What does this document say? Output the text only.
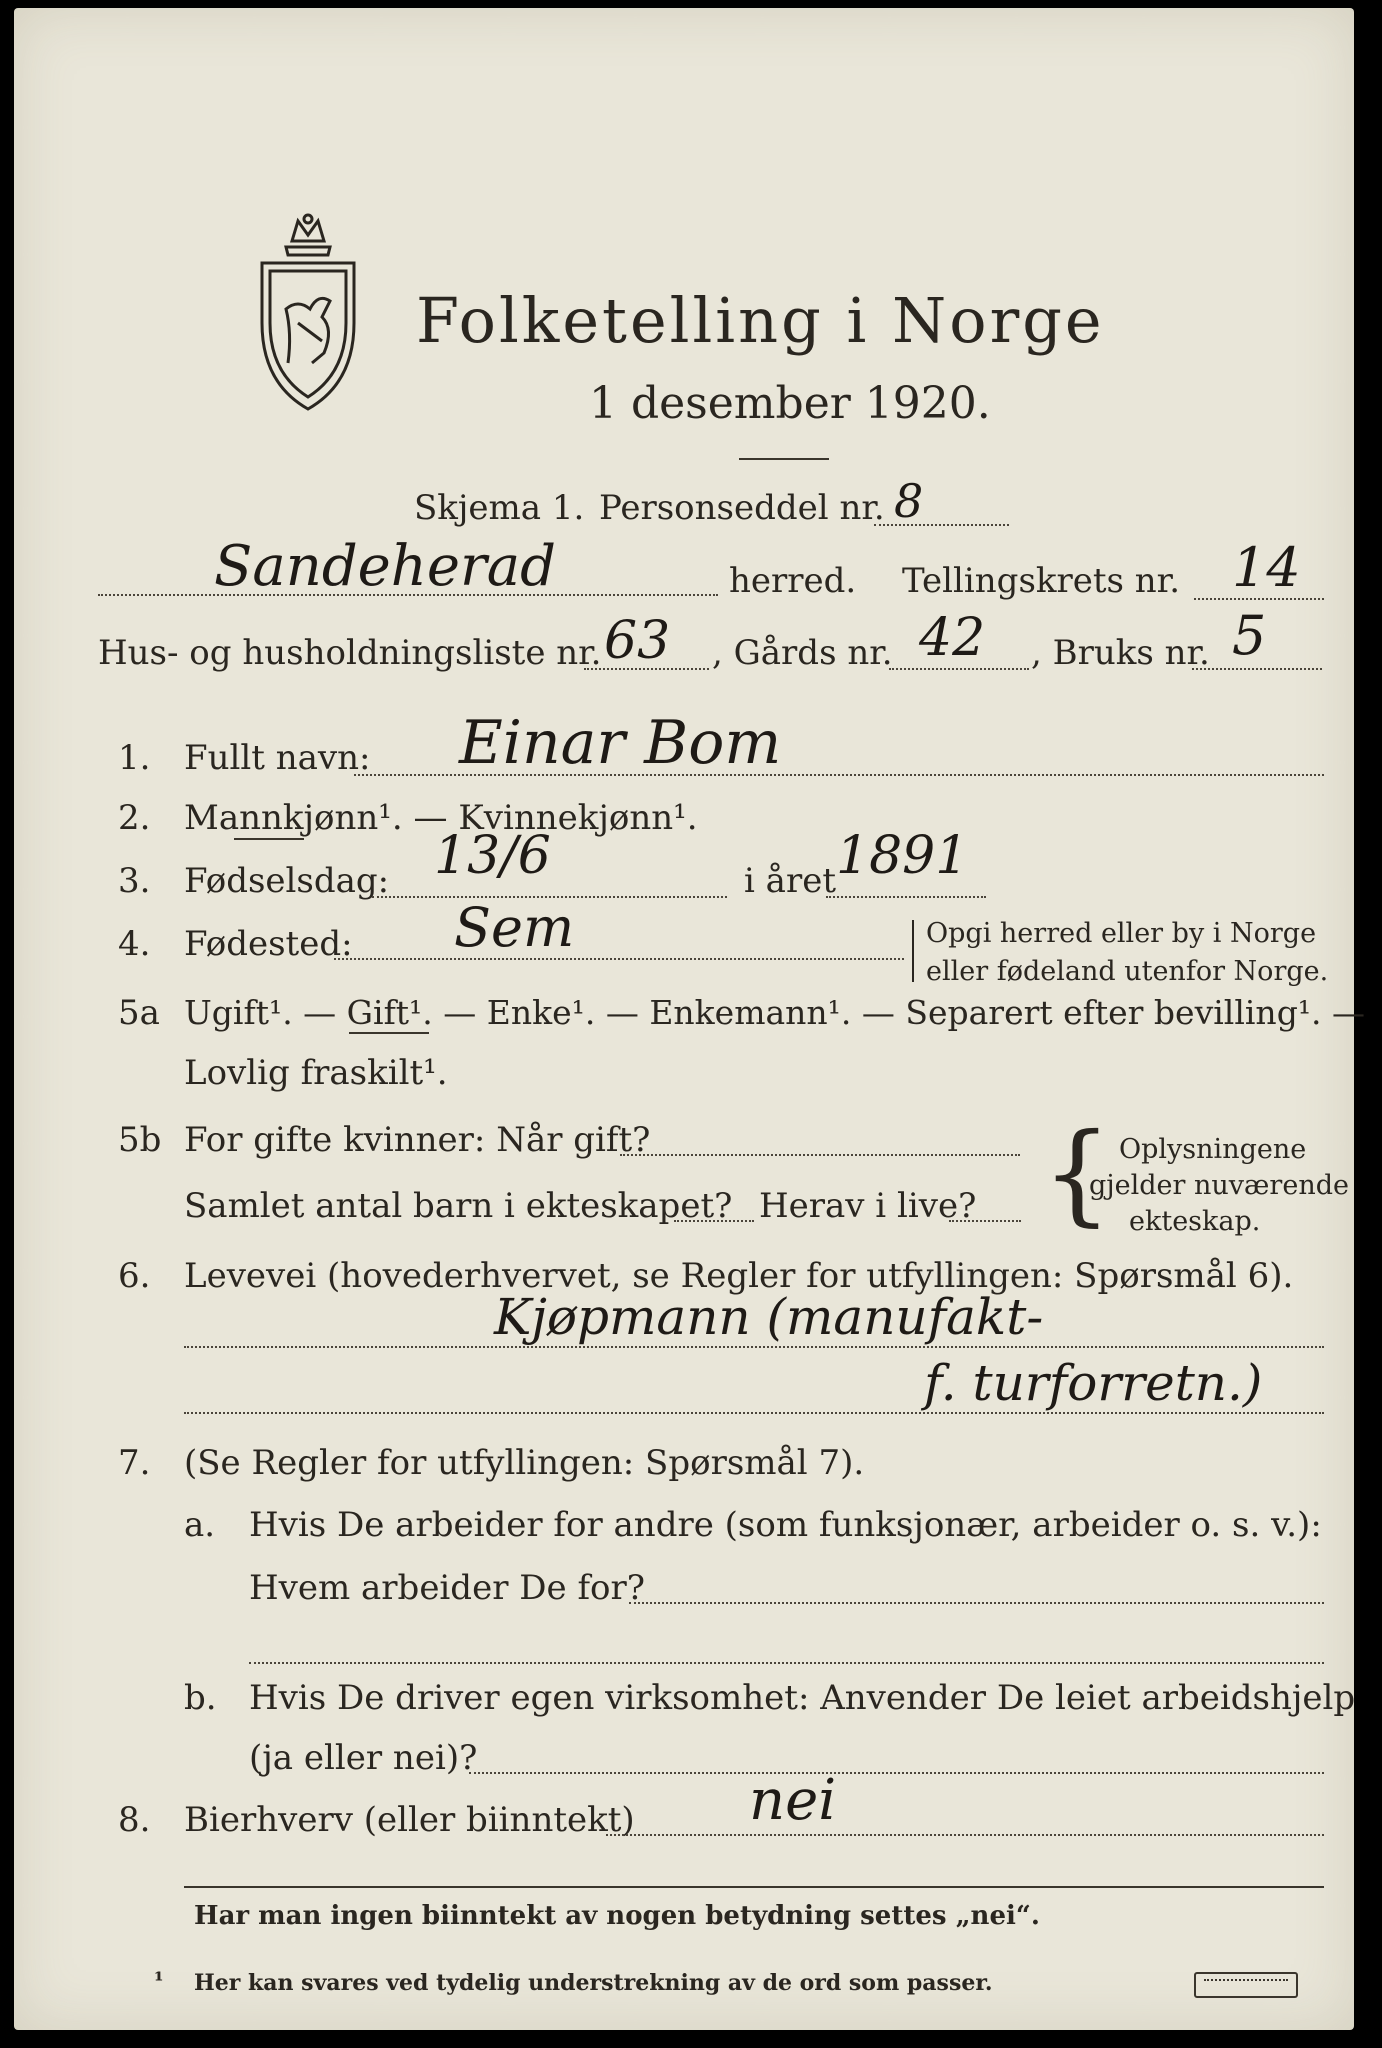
Folketelling i Norge
1 desember 1920.
Skjema 1. Personseddel nr. 8
Sandeherad	herred. Tellingskrets nr. 14
Hus- og husholdningsliste nr. 63 , Gårds nr. 42 , Bruks nr. 5
1. Fullt navn: Einar Bom
2. Mannkjønn¹. — Kvinnekjønn¹.
3. Fødselsdag: 13/6	i året 1891
4. Fødested: Sem	Opgi herred eller by i Norge
eller fødeland utenfor Norge.
5a Ugift¹. — Gift¹. — Enke¹. — Enkemann¹. — Separert efter bevilling¹. —
Lovlig fraskilt¹.
5b For gifte kvinner: Når gift?
Samlet antal barn i ekteskapet? Herav i live? { Oplysningene
gjelder nuværende
ekteskap.
6. Levevei (hovederhvervet, se Regler for utfyllingen: Spørsmål 6).
Kjøpmann (manufakt-
f. turforretn.)
7. (Se Regler for utfyllingen: Spørsmål 7).
a. Hvis De arbeider for andre (som funksjonær, arbeider o. s. v.):
Hvem arbeider De for?
b. Hvis De driver egen virksomhet: Anvender De leiet arbeidshjelp
(ja eller nei)?
8. Bierhverv (eller biinntekt) nei
Har man ingen biinntekt av nogen betydning settes „nei“.
¹ Her kan svares ved tydelig understrekning av de ord som passer.
